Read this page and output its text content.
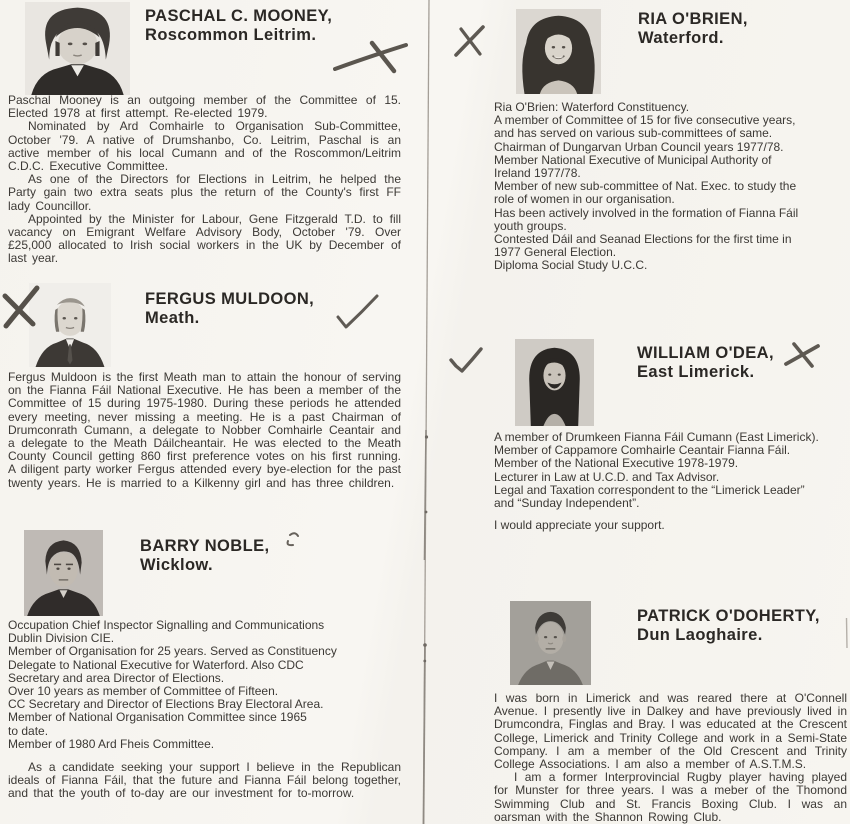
PASCHAL C. MOONEY,
Roscommon Leitrim.

Paschal Mooney is an outgoing member of the Committee of 15. Elected 1978 at first attempt. Re-elected 1979.

Nominated by Ard Comhairle to Organisation Sub-Committee, October '79. A native of Drumshanbo, Co. Leitrim, Paschal is an active member of his local Cumann and of the Roscommon/Leitrim C.D.C. Executive Committee.

As one of the Directors for Elections in Leitrim, he helped the Party gain two extra seats plus the return of the County's first FF lady Councillor.

Appointed by the Minister for Labour, Gene Fitzgerald T.D. to fill vacancy on Emigrant Welfare Advisory Body, October '79. Over £25,000 allocated to Irish social workers in the UK by December of last year.

FERGUS MULDOON,
Meath.

Fergus Muldoon is the first Meath man to attain the honour of serving on the Fianna Fáil National Executive. He has been a member of the Committee of 15 during 1975-1980. During these periods he attended every meeting, never missing a meeting. He is a past Chairman of Drumconrath Cumann, a delegate to Nobber Comhairle Ceantair and a delegate to the Meath Dáilcheantair. He was elected to the Meath County Council getting 860 first preference votes on his first running. A diligent party worker Fergus attended every bye-election for the past twenty years. He is married to a Kilkenny girl and has three children.

BARRY NOBLE,
Wicklow.
Occupation Chief Inspector Signalling and Communications
Dublin Division CIE.
Member of Organisation for 25 years. Served as Constituency
Delegate to National Executive for Waterford. Also CDC
Secretary and area Director of Elections.
Over 10 years as member of Committee of Fifteen.
CC Secretary and Director of Elections Bray Electoral Area.
Member of National Organisation Committee since 1965
to date.
Member of 1980 Ard Fheis Committee.

As a candidate seeking your support I believe in the Republican ideals of Fianna Fáil, that the future and Fianna Fáil belong together, and that the youth of to-day are our investment for to-morrow.

RIA O'BRIEN,
Waterford.
Ria O'Brien: Waterford Constituency.
A member of Committee of 15 for five consecutive years,
and has served on various sub-committees of same.
Chairman of Dungarvan Urban Council years 1977/78.
Member National Executive of Municipal Authority of
Ireland 1977/78.
Member of new sub-committee of Nat. Exec. to study the
role of women in our organisation.
Has been actively involved in the formation of Fianna Fáil
youth groups.
Contested Dáil and Seanad Elections for the first time in
1977 General Election.
Diploma Social Study U.C.C.
WILLIAM O'DEA,
East Limerick.
A member of Drumkeen Fianna Fáil Cumann (East Limerick).
Member of Cappamore Comhairle Ceantair Fianna Fáil.
Member of the National Executive 1978-1979.
Lecturer in Law at U.C.D. and Tax Advisor.
Legal and Taxation correspondent to the “Limerick Leader”
and “Sunday Independent”.
I would appreciate your support.
PATRICK O'DOHERTY,
Dun Laoghaire.

I was born in Limerick and was reared there at O'Connell Avenue. I presently live in Dalkey and have previously lived in Drumcondra, Finglas and Bray. I was educated at the Crescent College, Limerick and Trinity College and work in a Semi-State Company. I am a member of the Old Crescent and Trinity College Associations. I am also a member of A.S.T.M.S.

I am a former Interprovincial Rugby player having played for Munster for three years. I was a meber of the Thomond Swimming Club and St. Francis Boxing Club. I was an oarsman with the Shannon Rowing Club.
